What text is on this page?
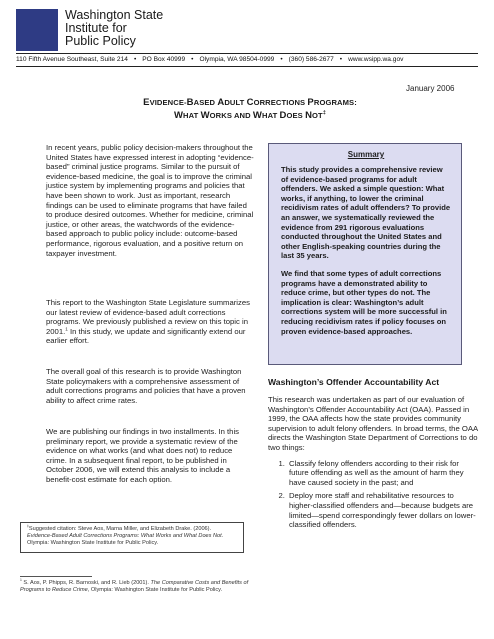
Washington State
Institute for
Public Policy
110 Fifth Avenue Southeast, Suite 214 • PO Box 40999 • Olympia, WA 98504-0999 • (360) 586-2677 • www.wsipp.wa.gov
January 2006
EVIDENCE-BASED ADULT CORRECTIONS PROGRAMS:
WHAT WORKS AND WHAT DOES NOT‡

In recent years, public policy decision-makers throughout the United States have expressed interest in adopting “evidence-based” criminal justice programs. Similar to the pursuit of evidence-based medicine, the goal is to improve the criminal justice system by implementing programs and policies that have been shown to work. Just as important, research findings can be used to eliminate programs that have failed to produce desired outcomes. Whether for medicine, criminal justice, or other areas, the watchwords of the evidence-based approach to public policy include: outcome-based performance, rigorous evaluation, and a positive return on taxpayer investment.

This report to the Washington State Legislature summarizes our latest review of evidence-based adult corrections programs. We previously published a review on this topic in 2001.$^1$ In this study, we update and significantly extend our earlier effort.

The overall goal of this research is to provide Washington State policymakers with a comprehensive assessment of adult corrections programs and policies that have a proven ability to affect crime rates.

We are publishing our findings in two installments. In this preliminary report, we provide a systematic review of the evidence on what works (and what does not) to reduce crime. In a subsequent final report, to be published in October 2006, we will extend this analysis to include a benefit-cost estimate for each option.

‡Suggested citation: Steve Aos, Marna Miller, and Elizabeth Drake. (2006). Evidence-Based Adult Corrections Programs: What Works and What Does Not. Olympia: Washington State Institute for Public Policy.
$^1$ S. Aos, P. Phipps, R. Barnoski, and R. Lieb (2001). The Comparative Costs and Benefits of Programs to Reduce Crime, Olympia: Washington State Institute for Public Policy.
Summary

This study provides a comprehensive review of evidence-based programs for adult offenders. We asked a simple question: What works, if anything, to lower the criminal recidivism rates of adult offenders? To provide an answer, we systematically reviewed the evidence from 291 rigorous evaluations conducted throughout the United States and other English-speaking countries during the last 35 years.

We find that some types of adult corrections programs have a demonstrated ability to reduce crime, but other types do not. The implication is clear: Washington’s adult corrections system will be more successful in reducing recidivism rates if policy focuses on proven evidence-based approaches.

Washington’s Offender Accountability Act

This research was undertaken as part of our evaluation of Washington’s Offender Accountability Act (OAA). Passed in 1999, the OAA affects how the state provides community supervision to adult felony offenders. In broad terms, the OAA directs the Washington State Department of Corrections to do two things:

1. Classify felony offenders according to their risk for future offending as well as the amount of harm they have caused society in the past; and
2. Deploy more staff and rehabilitative resources to higher-classified offenders and—because budgets are limited—spend correspondingly fewer dollars on lower-classified offenders.
